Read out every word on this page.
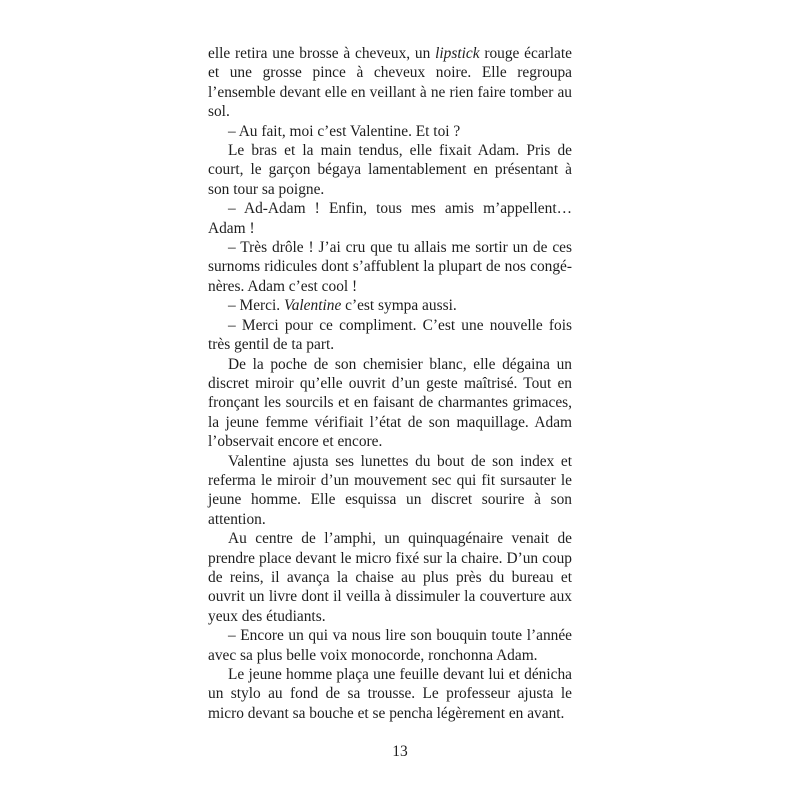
elle retira une brosse à cheveux, un lipstick rouge écarlate et une grosse pince à cheveux noire. Elle regroupa l’ensemble devant elle en veillant à ne rien faire tomber au sol.

– Au fait, moi c’est Valentine. Et toi ?

Le bras et la main tendus, elle fixait Adam. Pris de court, le garçon bégaya lamentablement en présentant à son tour sa poigne.

– Ad-Adam ! Enfin, tous mes amis m’appellent… Adam !

– Très drôle ! J’ai cru que tu allais me sortir un de ces surnoms ridicules dont s’affublent la plupart de nos congénères. Adam c’est cool !

– Merci. Valentine c’est sympa aussi.

– Merci pour ce compliment. C’est une nouvelle fois très gentil de ta part.

De la poche de son chemisier blanc, elle dégaina un discret miroir qu’elle ouvrit d’un geste maîtrisé. Tout en fronçant les sourcils et en faisant de charmantes grimaces, la jeune femme vérifiait l’état de son maquillage. Adam l’observait encore et encore.

Valentine ajusta ses lunettes du bout de son index et referma le miroir d’un mouvement sec qui fit sursauter le jeune homme. Elle esquissa un discret sourire à son attention.

Au centre de l’amphi, un quinquagénaire venait de prendre place devant le micro fixé sur la chaire. D’un coup de reins, il avança la chaise au plus près du bureau et ouvrit un livre dont il veilla à dissimuler la couverture aux yeux des étudiants.

– Encore un qui va nous lire son bouquin toute l’année avec sa plus belle voix monocorde, ronchonna Adam.

Le jeune homme plaça une feuille devant lui et dénicha un stylo au fond de sa trousse. Le professeur ajusta le micro devant sa bouche et se pencha légèrement en avant.

13
